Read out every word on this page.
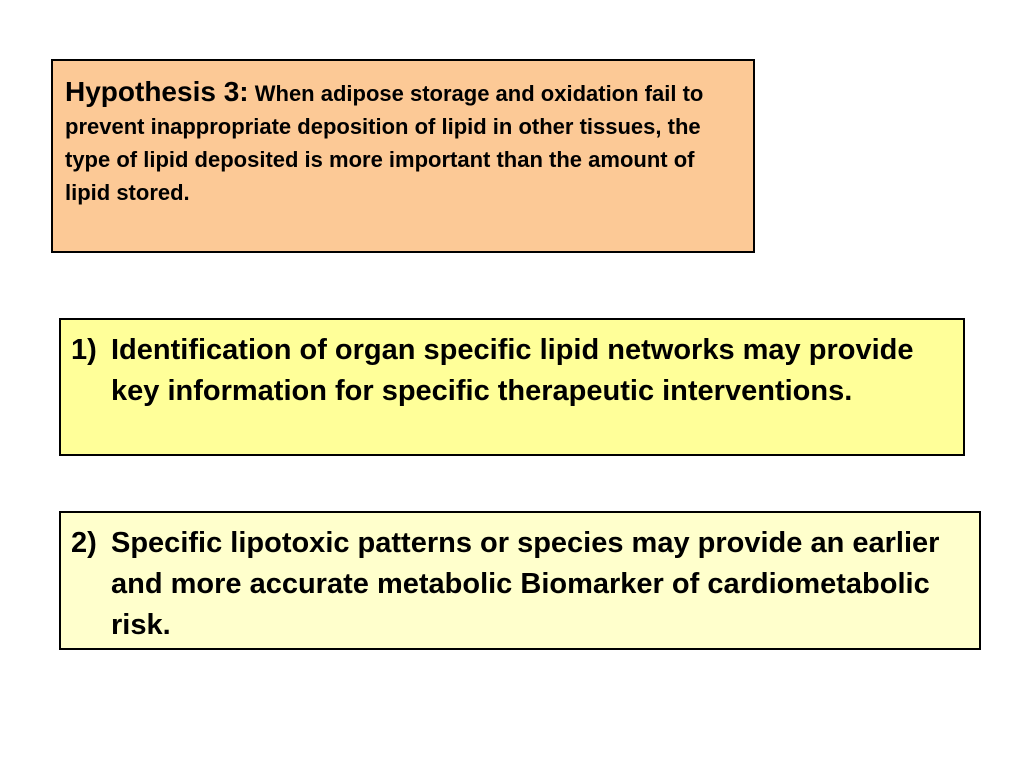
Hypothesis 3: When adipose storage and oxidation fail to prevent inappropriate deposition of lipid in other tissues, the type of lipid deposited is more important than the amount of lipid stored.
1) Identification of organ specific lipid networks may provide key information for specific therapeutic interventions.
2) Specific lipotoxic patterns or species may provide an earlier and more accurate metabolic Biomarker of cardiometabolic risk.
